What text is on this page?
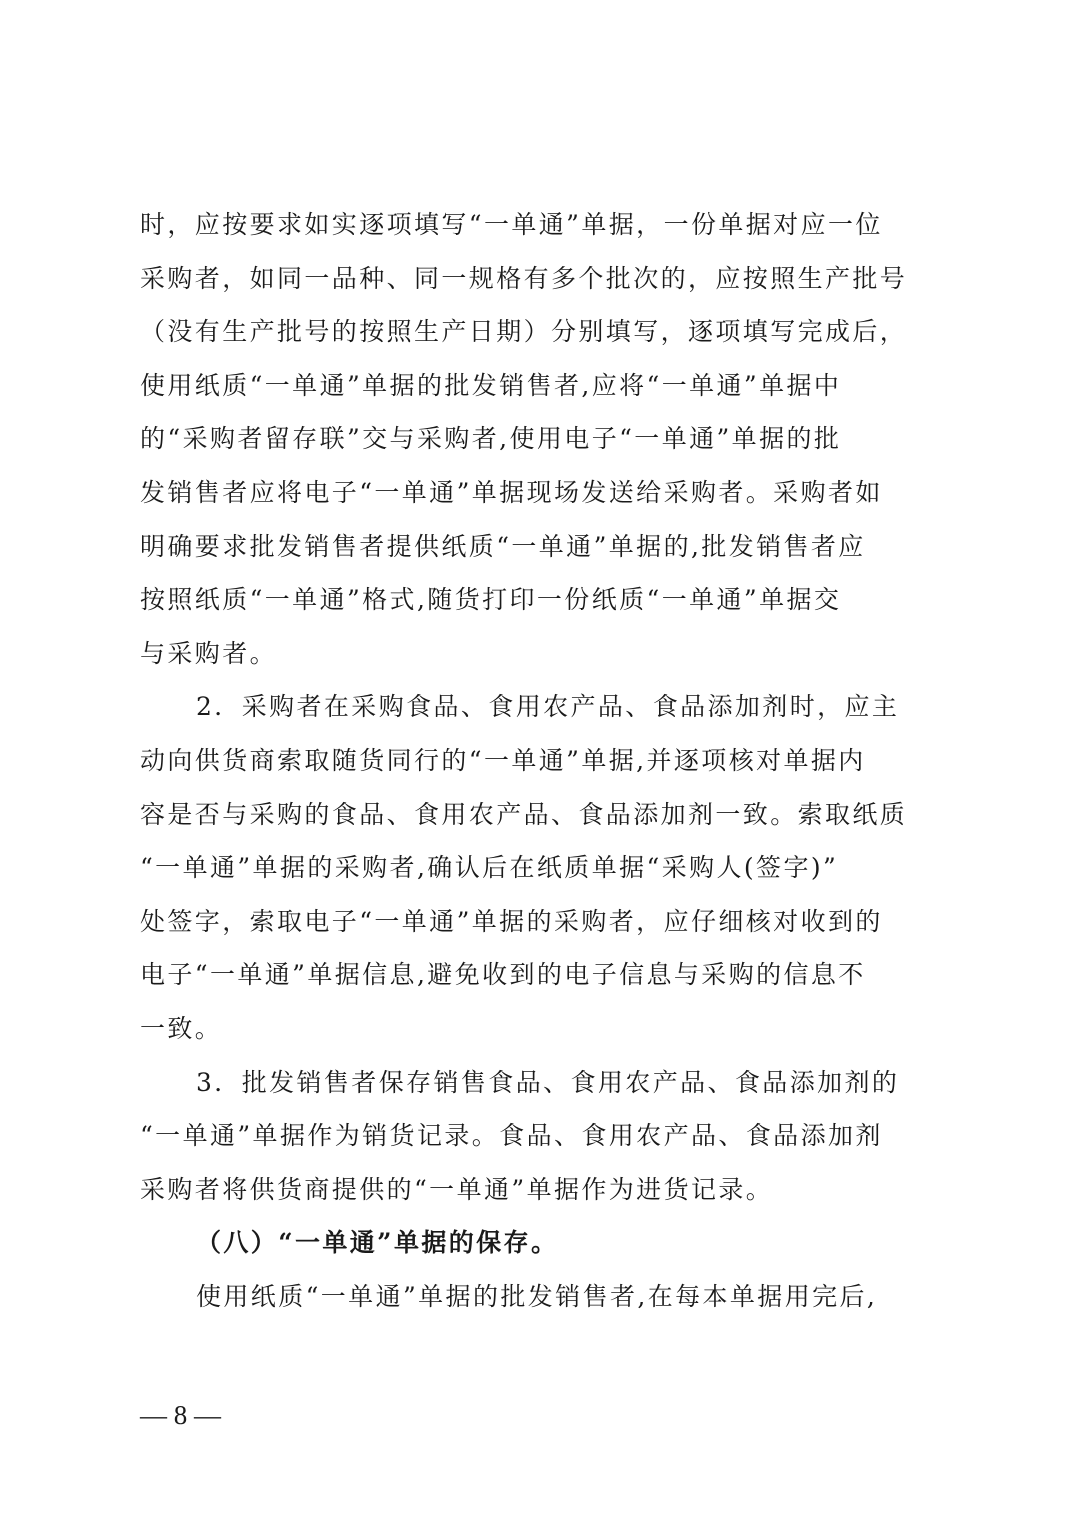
时，应按要求如实逐项填写“一单通”单据，一份单据对应一位
采购者，如同一品种、同一规格有多个批次的，应按照生产批号
（没有生产批号的按照生产日期）分别填写，逐项填写完成后，
使用纸质“一单通”单据的批发销售者,应将“一单通”单据中
的“采购者留存联”交与采购者,使用电子“一单通”单据的批
发销售者应将电子“一单通”单据现场发送给采购者。采购者如
明确要求批发销售者提供纸质“一单通”单据的,批发销售者应
按照纸质“一单通”格式,随货打印一份纸质“一单通”单据交
与采购者。
2．采购者在采购食品、食用农产品、食品添加剂时，应主
动向供货商索取随货同行的“一单通”单据,并逐项核对单据内
容是否与采购的食品、食用农产品、食品添加剂一致。索取纸质
“一单通”单据的采购者,确认后在纸质单据“采购人(签字)”
处签字，索取电子“一单通”单据的采购者，应仔细核对收到的
电子“一单通”单据信息,避免收到的电子信息与采购的信息不
一致。
3．批发销售者保存销售食品、食用农产品、食品添加剂的
“一单通”单据作为销货记录。食品、食用农产品、食品添加剂
采购者将供货商提供的“一单通”单据作为进货记录。
（八）“一单通”单据的保存。
使用纸质“一单通”单据的批发销售者,在每本单据用完后,
— 8 —
